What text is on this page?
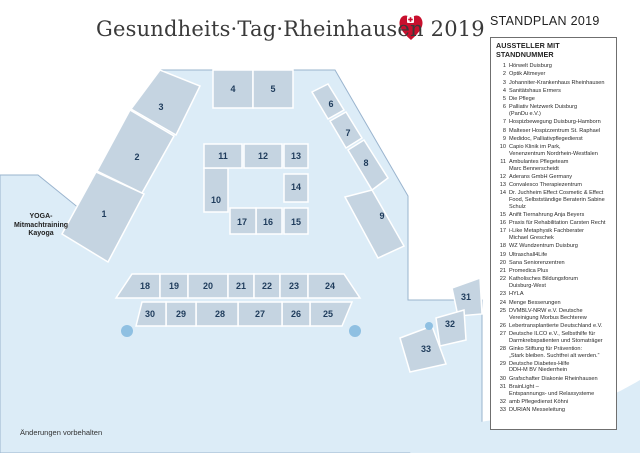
1
2
3
4	5
6
7
8
9
10
11	12	13
14
15
16
17
18 19	20	21 22 23	24
25
26
27
28
29
30
31
32
33
Gesundheits·Tag·Rheinhausen 2019 STANDPLAN 2019
AUSSTELLER MIT STANDNUMMER
1 Hörwelt Duisburg
2 Optik Altmeyer
3 Johanniter-Krankenhaus Rheinhausen
4 Sanitätshaus Ermers
5 Die Pflege
6 Palliativ Netzwerk Duisburg
(PanDu e.V.)
7 Hospizbewegung Duisburg-Hamborn
8 Malteser Hospizzentrum St. Raphael
9 Medidoc, Palliativpflegedienst
10 Capio Klinik im Park,
Venenzentrum Nordrhein-Westfalen
11 Ambulantes Pflegeteam
Marc Bennerscheidt
12 Aderans GmbH Germany
13 Convalesco Therapiezentrum
14 Dr. Juchheim Effect Cosmetic & Effect
Food, Selbstständige Beraterin Sabine
Schulz
15 Anifit Tiernahrung Anja Beyers
16 Praxis für Rehabilitation Carsten Recht
17 i-Like Metaphysik Fachberater
Michael Greschek
18 WZ Wundzentrum Duisburg
19 Ultraschall4Life
20 Sana Seniorenzentren
21 Promedica Plus
22 Katholisches Bildungsforum
Duisburg-West
23 HYLA
24 Menge Besserungen
25 DVMBLV-NRW e.V. Deutsche
Vereinigung Morbus Bechterew
26 Lebertransplantierte Deutschland e.V.
27 Deutsche ILCO e.V., Selbsthilfe für
Darmkrebspatienten und Stomaträger
28 Ginko Stiftung für Prävention:
„Stark bleiben. Suchtfrei alt werden.“
29 Deutsche Diabetes-Hilfe
DDH-M BV Niederrhein
30 Grafschafter Diakonie Rheinhausen
31 BrainLight –
Entspannungs- und Relaxsysteme
32 amb Pflegedienst Köhni
33 DURIAN Messeleitung
YOGA-
Mitmachtraining
Kayoga
Änderungen vorbehalten
